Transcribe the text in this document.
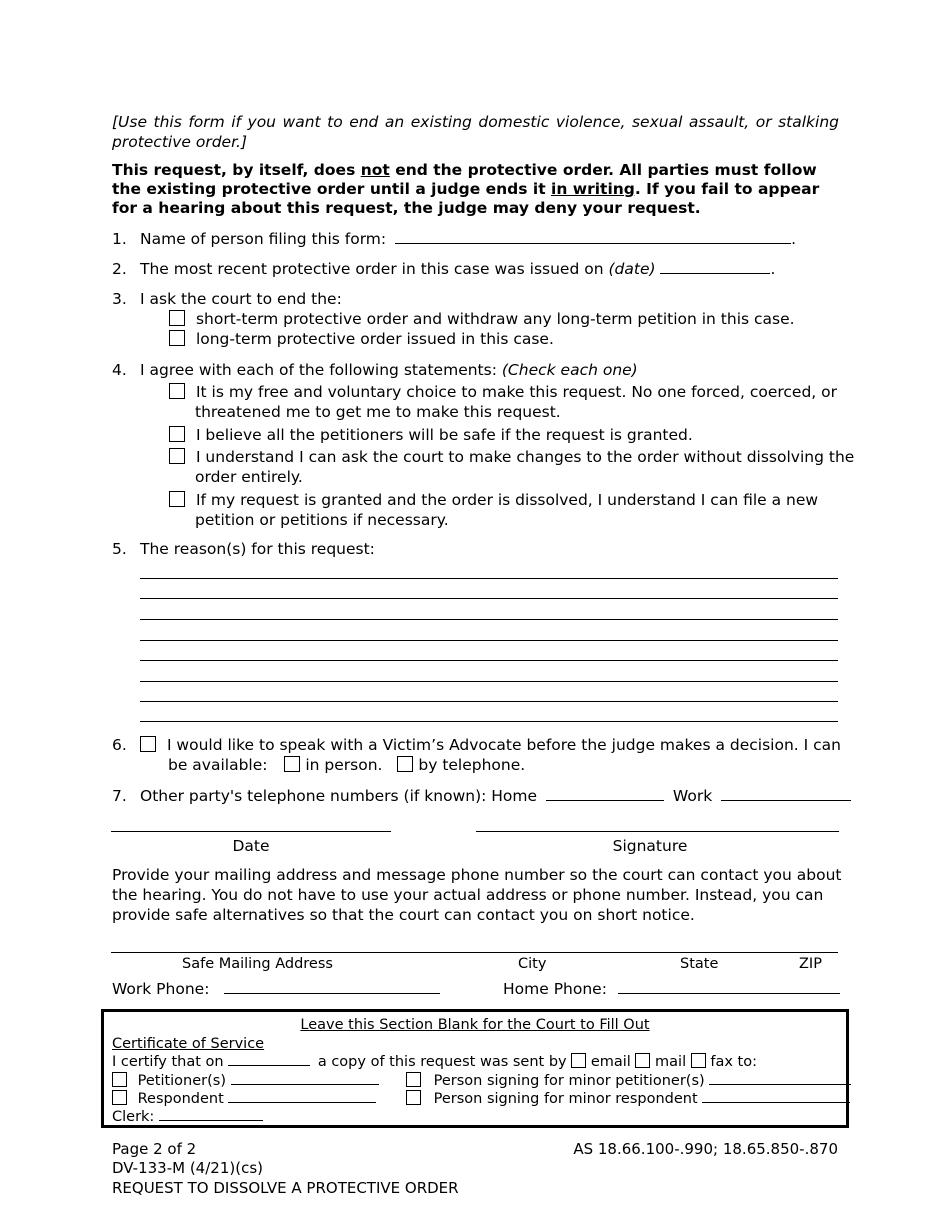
[Use this form if you want to end an existing domestic violence, sexual assault, or stalking protective order.]
This request, by itself, does not end the protective order. All parties must follow the existing protective order until a judge ends it in writing. If you fail to appear for a hearing about this request, the judge may deny your request.
1. Name of person filing this form:	.
2. The most recent protective order in this case was issued on (date)	.
3. I ask the court to end the:
short-term protective order and withdraw any long-term petition in this case.
long-term protective order issued in this case.
4. I agree with each of the following statements: (Check each one)
It is my free and voluntary choice to make this request. No one forced, coerced, or
threatened me to get me to make this request.
I believe all the petitioners will be safe if the request is granted.
I understand I can ask the court to make changes to the order without dissolving the
order entirely.
If my request is granted and the order is dissolved, I understand I can file a new
petition or petitions if necessary.
5. The reason(s) for this request:
6.	I would like to speak with a Victim’s Advocate before the judge makes a decision. I can
be available: in person. by telephone.
7. Other party's telephone numbers (if known): Home	Work
Date	Signature
Provide your mailing address and message phone number so the court can contact you about the hearing. You do not have to use your actual address or phone number. Instead, you can provide safe alternatives so that the court can contact you on short notice.
Safe Mailing Address	City	State	ZIP
Work Phone:	Home Phone:
Leave this Section Blank for the Court to Fill Out
Certificate of Service
I certify that on	a copy of this request was sent by email mail fax to:
Petitioner(s)	Person signing for minor petitioner(s)
Respondent	Person signing for minor respondent
Clerk:
Page 2 of 2
DV-133-M (4/21)(cs)
REQUEST TO DISSOLVE A PROTECTIVE ORDER
AS 18.66.100-.990; 18.65.850-.870
